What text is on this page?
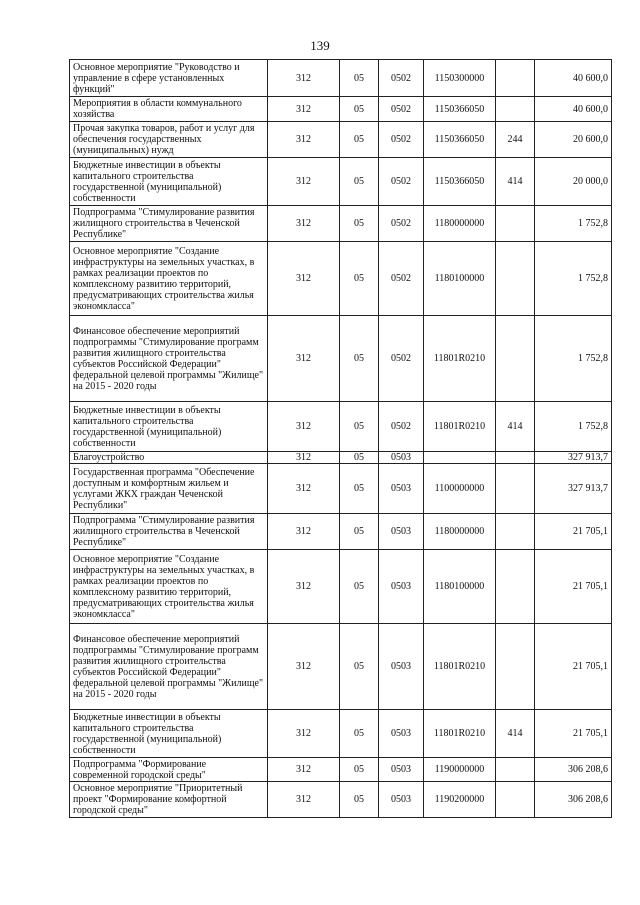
139
Основное мероприятие "Руководство и управление в сфере установленных функций"	312	05	0502	1150300000		40 600,0
Мероприятия в области коммунального хозяйства	312	05	0502	1150366050		40 600,0
Прочая закупка товаров, работ и услуг для обеспечения государственных (муниципальных) нужд	312	05	0502	1150366050	244	20 600,0
Бюджетные инвестиции в объекты капитального строительства государственной (муниципальной) собственности	312	05	0502	1150366050	414	20 000,0
Подпрограмма "Стимулирование развития жилищного строительства в Чеченской Республике"	312	05	0502	1180000000		1 752,8
Основное мероприятие "Создание инфраструктуры на земельных участках, в рамках реализации проектов по комплексному развитию территорий, предусматривающих строительства жилья экономкласса"	312	05	0502	1180100000		1 752,8
Финансовое обеспечение мероприятий подпрограммы "Стимулирование программ развития жилищного строительства субъектов Российской Федерации" федеральной целевой программы "Жилище" на 2015 - 2020 годы	312	05	0502	11801R0210		1 752,8
Бюджетные инвестиции в объекты капитального строительства государственной (муниципальной) собственности	312	05	0502	11801R0210	414	1 752,8
Благоустройство	312	05	0503			327 913,7
Государственная программа "Обеспечение доступным и комфортным жильем и услугами ЖКХ граждан Чеченской Республики"	312	05	0503	1100000000		327 913,7
Подпрограмма "Стимулирование развития жилищного строительства в Чеченской Республике"	312	05	0503	1180000000		21 705,1
Основное мероприятие "Создание инфраструктуры на земельных участках, в рамках реализации проектов по комплексному развитию территорий, предусматривающих строительства жилья экономкласса"	312	05	0503	1180100000		21 705,1
Финансовое обеспечение мероприятий подпрограммы "Стимулирование программ развития жилищного строительства субъектов Российской Федерации" федеральной целевой программы "Жилище" на 2015 - 2020 годы	312	05	0503	11801R0210		21 705,1
Бюджетные инвестиции в объекты капитального строительства государственной (муниципальной) собственности	312	05	0503	11801R0210	414	21 705,1
Подпрограмма "Формирование современной городской среды"	312	05	0503	1190000000		306 208,6
Основное мероприятие "Приоритетный проект "Формирование комфортной городской среды"	312	05	0503	1190200000		306 208,6
